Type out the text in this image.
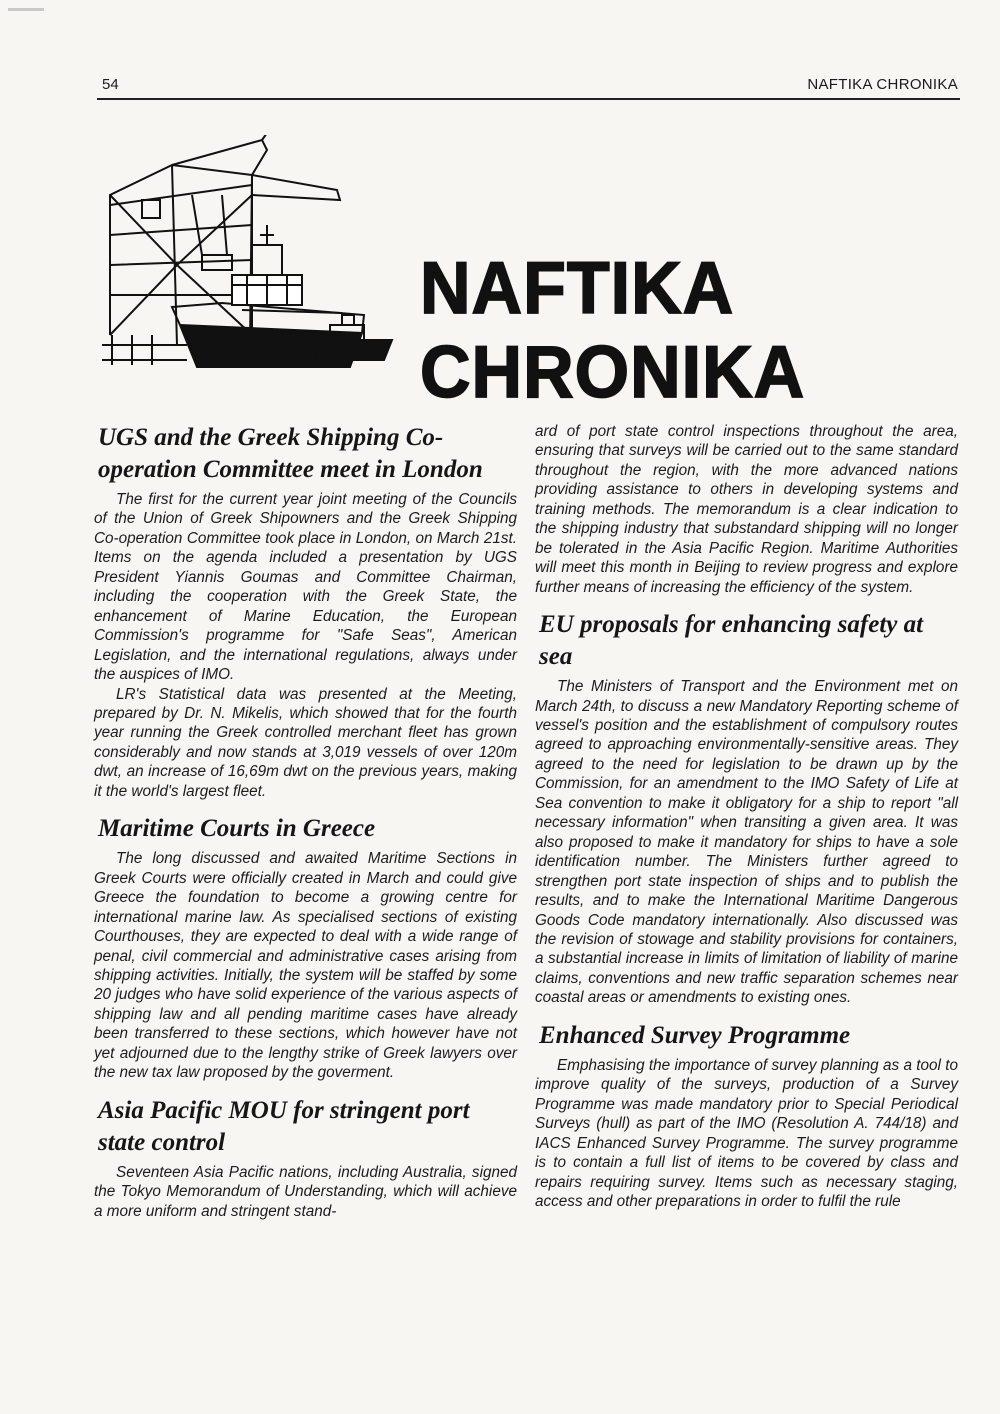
54	NAFTIKA CHRONIKA
NAFTIKA CHRONIKA
UGS and the Greek Shipping Co-operation Committee meet in London

The first for the current year joint meeting of the Councils of the Union of Greek Shipowners and the Greek Shipping Co-operation Committee took place in London, on March 21st. Items on the agenda included a presentation by UGS President Yiannis Goumas and Committee Chairman, including the cooperation with the Greek State, the enhancement of Marine Education, the European Commission's programme for "Safe Seas", American Legislation, and the international regulations, always under the auspices of IMO.

LR's Statistical data was presented at the Meeting, prepared by Dr. N. Mikelis, which showed that for the fourth year running the Greek controlled merchant fleet has grown considerably and now stands at 3,019 vessels of over 120m dwt, an increase of 16,69m dwt on the previous years, making it the world's largest fleet.

Maritime Courts in Greece

The long discussed and awaited Maritime Sections in Greek Courts were officially created in March and could give Greece the foundation to become a growing centre for international marine law. As specialised sections of existing Courthouses, they are expected to deal with a wide range of penal, civil commercial and administrative cases arising from shipping activities. Initially, the system will be staffed by some 20 judges who have solid experience of the various aspects of shipping law and all pending maritime cases have already been transferred to these sections, which however have not yet adjourned due to the lengthy strike of Greek lawyers over the new tax law proposed by the goverment.

Asia Pacific MOU for stringent port state control

Seventeen Asia Pacific nations, including Australia, signed the Tokyo Memorandum of Understanding, which will achieve a more uniform and stringent stand-

ard of port state control inspections throughout the area, ensuring that surveys will be carried out to the same standard throughout the region, with the more advanced nations providing assistance to others in developing systems and training methods. The memorandum is a clear indication to the shipping industry that substandard shipping will no longer be tolerated in the Asia Pacific Region. Maritime Authorities will meet this month in Beijing to review progress and explore further means of increasing the efficiency of the system.

EU proposals for enhancing safety at sea

The Ministers of Transport and the Environment met on March 24th, to discuss a new Mandatory Reporting scheme of vessel's position and the establishment of compulsory routes agreed to approaching environmentally-sensitive areas. They agreed to the need for legislation to be drawn up by the Commission, for an amendment to the IMO Safety of Life at Sea convention to make it obligatory for a ship to report "all necessary information" when transiting a given area. It was also proposed to make it mandatory for ships to have a sole identification number. The Ministers further agreed to strengthen port state inspection of ships and to publish the results, and to make the International Maritime Dangerous Goods Code mandatory internationally. Also discussed was the revision of stowage and stability provisions for containers, a substantial increase in limits of limitation of liability of marine claims, conventions and new traffic separation schemes near coastal areas or amendments to existing ones.

Enhanced Survey Programme

Emphasising the importance of survey planning as a tool to improve quality of the surveys, production of a Survey Programme was made mandatory prior to Special Periodical Surveys (hull) as part of the IMO (Resolution A. 744/18) and IACS Enhanced Survey Programme. The survey programme is to contain a full list of items to be covered by class and repairs requiring survey. Items such as necessary staging, access and other preparations in order to fulfil the rule
